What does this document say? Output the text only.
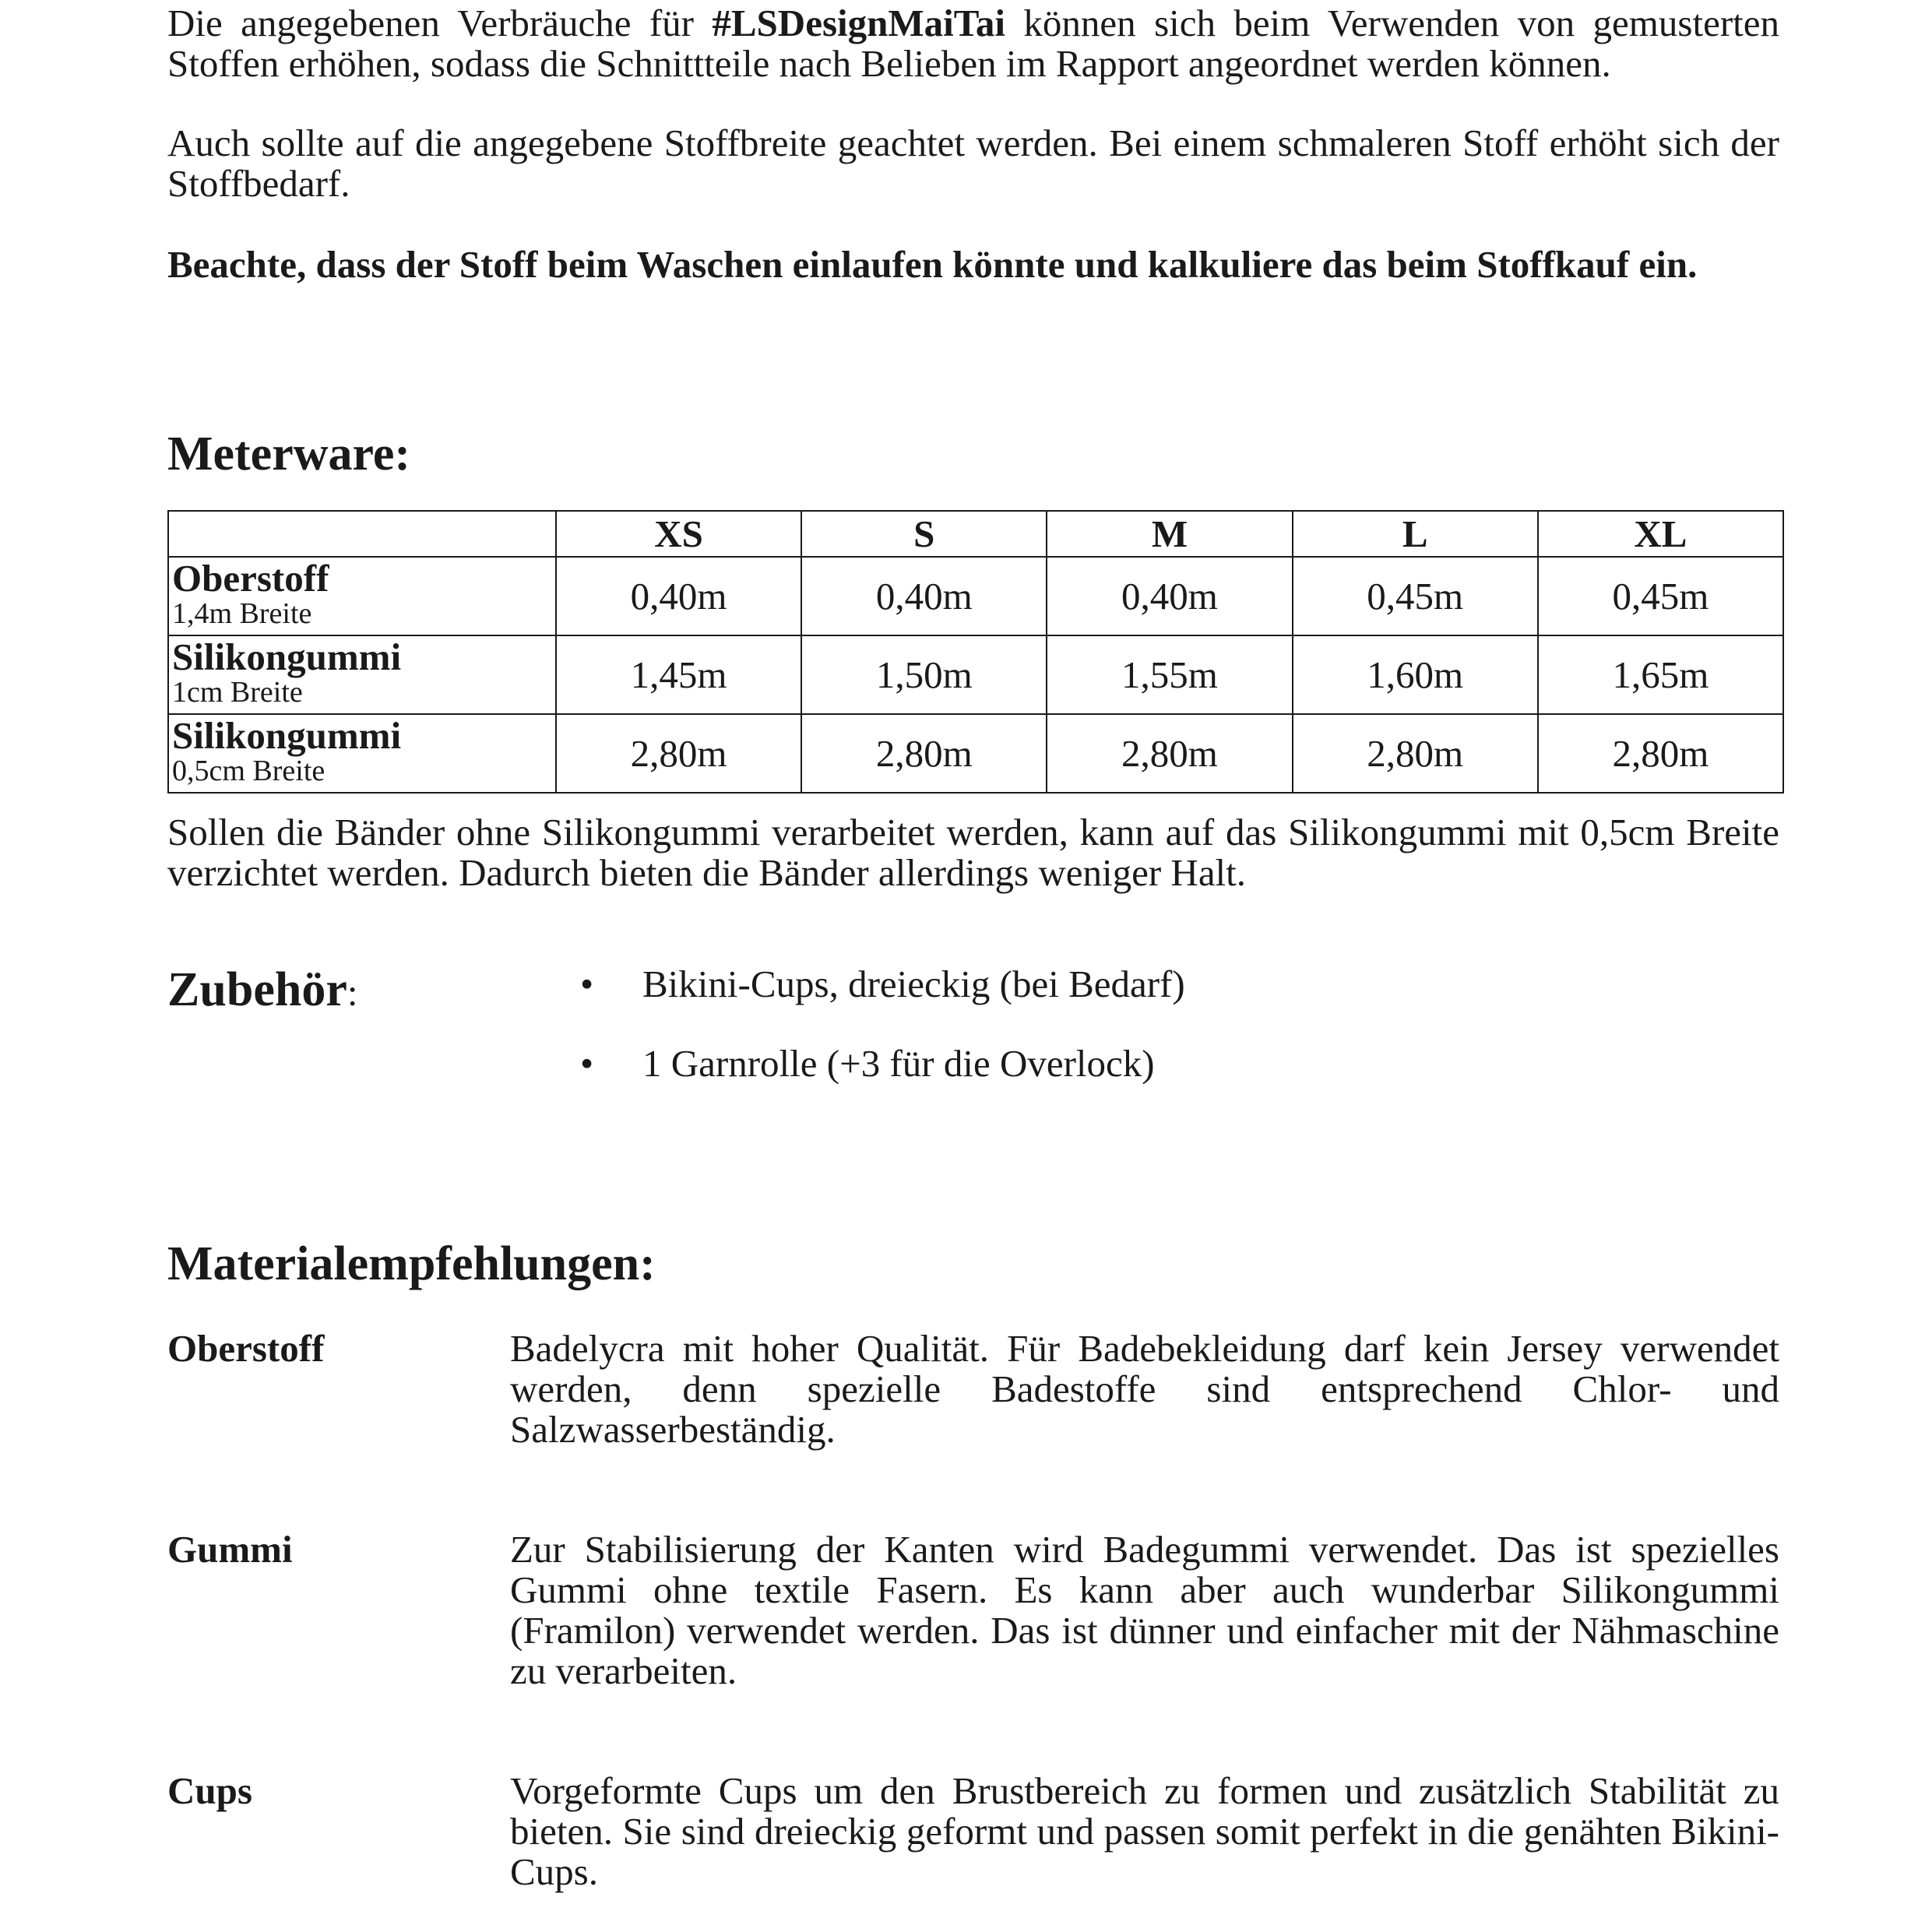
Die angegebenen Verbräuche für #LSDesignMaiTai können sich beim Verwenden von gemusterten
Stoffen erhöhen, sodass die Schnittteile nach Belieben im Rapport angeordnet werden können.

Auch sollte auf die angegebene Stoffbreite geachtet werden. Bei einem schmaleren Stoff erhöht sich der Stoffbedarf.

Beachte, dass der Stoff beim Waschen einlaufen könnte und kalkuliere das beim Stoffkauf ein.

Meterware:
	XS	S	M	L	XL

Oberstoff
1,4m Breite	0,40m	0,40m	0,40m	0,45m	0,45m

Silikongummi
1cm Breite	1,45m	1,50m	1,55m	1,60m	1,65m

Silikongummi
0,5cm Breite	2,80m	2,80m	2,80m	2,80m	2,80m

Sollen die Bänder ohne Silikongummi verarbeitet werden, kann auf das Silikongummi mit 0,5cm Breite verzichtet werden. Dadurch bieten die Bänder allerdings weniger Halt.

Zubehör:	• Bikini-Cups, dreieckig (bei Bedarf)
• 1 Garnrolle (+3 für die Overlock)
Materialempfehlungen:
Oberstoff	Badelycra mit hoher Qualität. Für Badebekleidung darf kein Jersey verwendet werden, denn spezielle Badestoffe sind entsprechend Chlor- und Salzwasserbeständig.
Gummi	Zur Stabilisierung der Kanten wird Badegummi verwendet. Das ist spezielles Gummi ohne textile Fasern. Es kann aber auch wunderbar Silikongummi (Framilon) verwendet werden. Das ist dünner und einfacher mit der Nähmaschine zu verarbeiten.
Cups	Vorgeformte Cups um den Brustbereich zu formen und zusätzlich Stabilität zu bieten. Sie sind dreieckig geformt und passen somit perfekt in die genähten Bikini-Cups.
